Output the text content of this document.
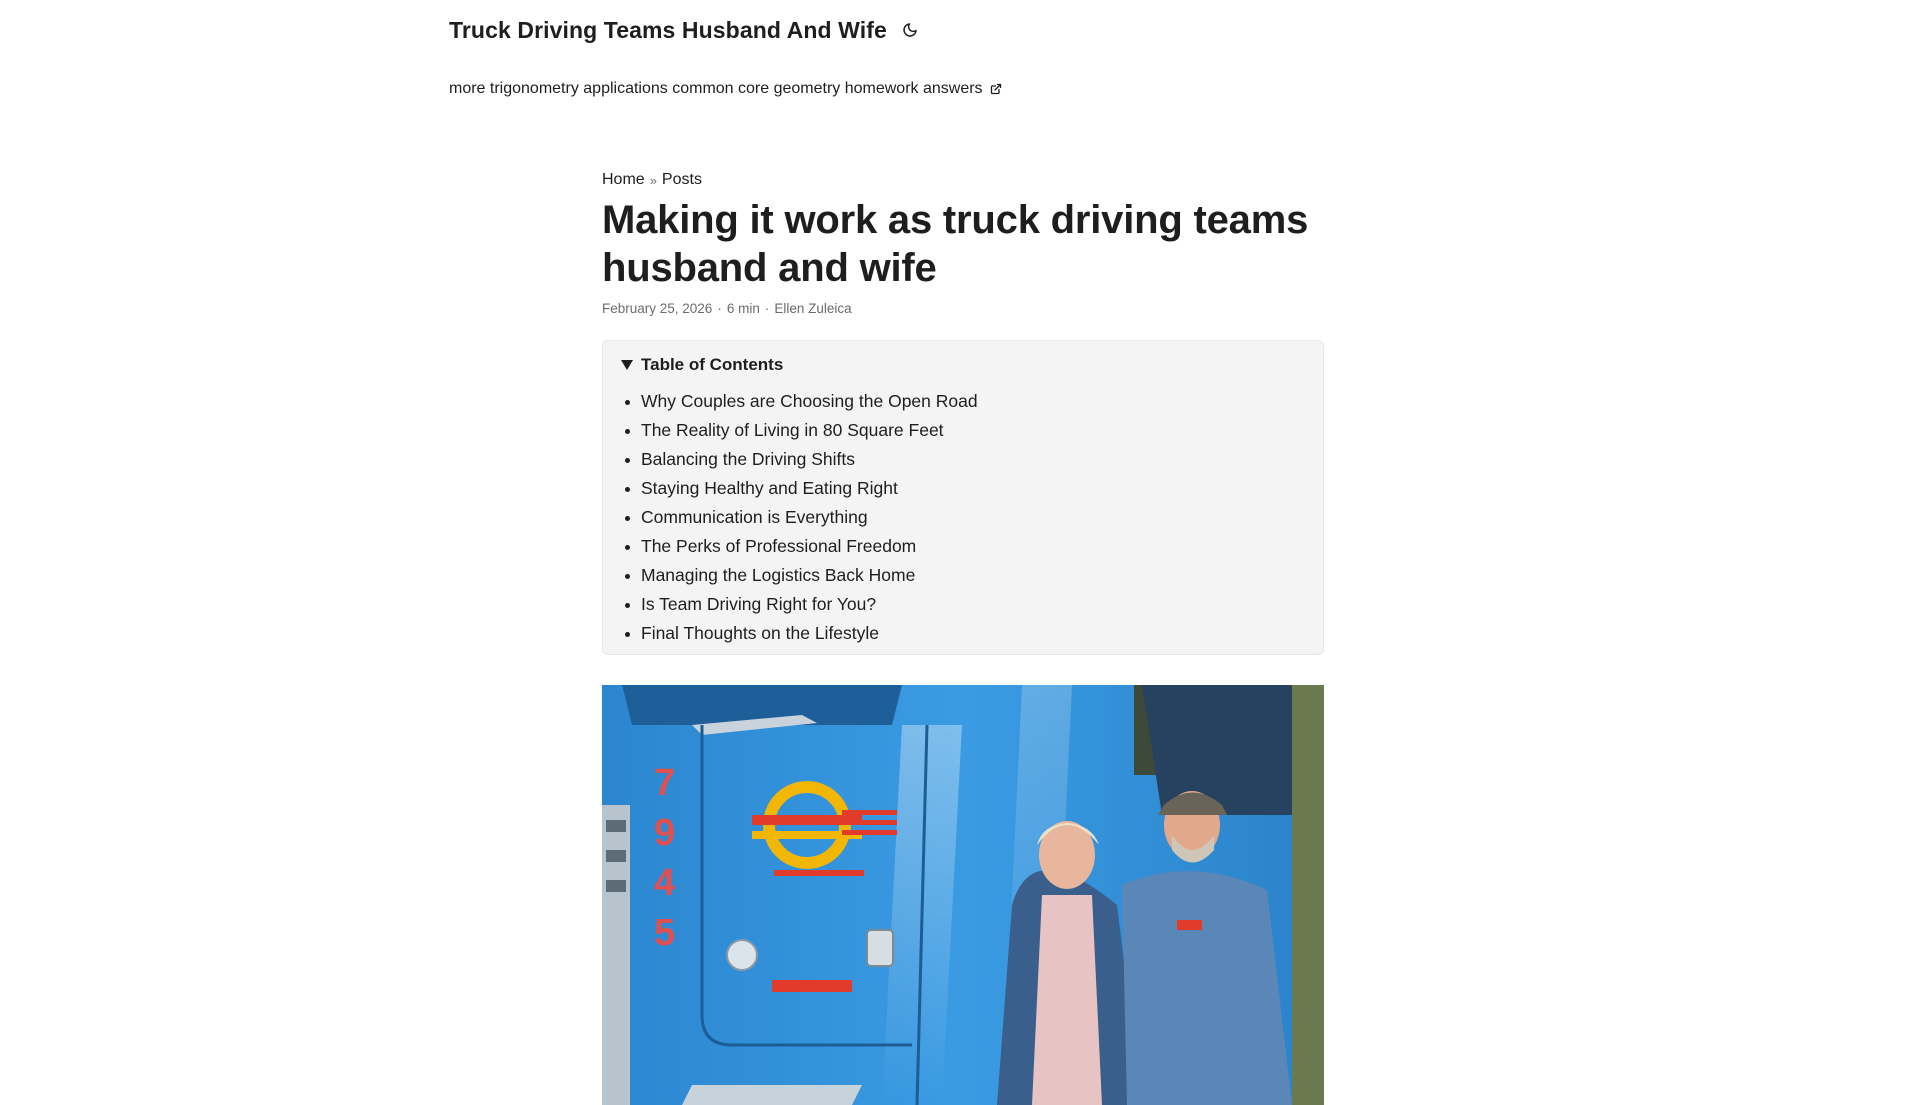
Truck Driving Teams Husband And Wife
more trigonometry applications common core geometry homework answers
Home » Posts
Making it work as truck driving teams husband and wife
February 25, 2026 · 6 min · Ellen Zuleica
Table of Contents
Why Couples are Choosing the Open Road
The Reality of Living in 80 Square Feet
Balancing the Driving Shifts
Staying Healthy and Eating Right
Communication is Everything
The Perks of Professional Freedom
Managing the Logistics Back Home
Is Team Driving Right for You?
Final Thoughts on the Lifestyle
7
9
4
5
